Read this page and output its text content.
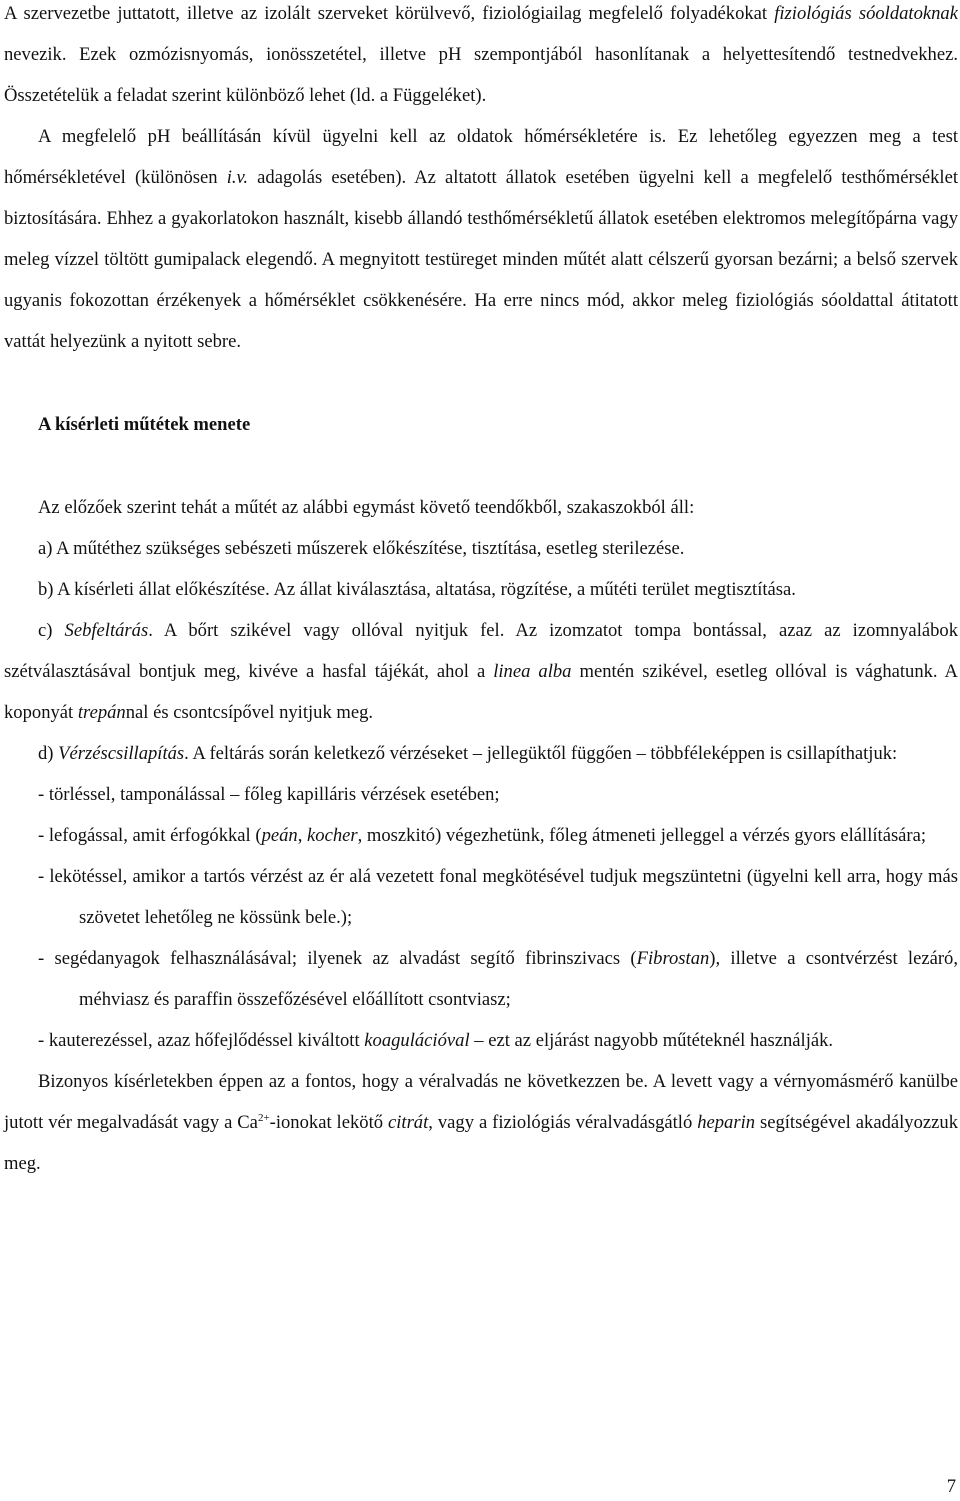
A szervezetbe juttatott, illetve az izolált szerveket körülvevő, fiziológiailag megfelelő folyadékokat fiziológiás sóoldatoknak nevezik. Ezek ozmózisnyomás, ionösszetétel, illetve pH szempontjából hasonlítanak a helyettesítendő testnedvekhez. Összetételük a feladat szerint különböző lehet (ld. a Függeléket).

A megfelelő pH beállításán kívül ügyelni kell az oldatok hőmérsékletére is. Ez lehetőleg egyezzen meg a test hőmérsékletével (különösen i.v. adagolás esetében). Az altatott állatok esetében ügyelni kell a megfelelő testhőmérséklet biztosítására. Ehhez a gyakorlatokon használt, kisebb állandó testhőmérsékletű állatok esetében elektromos melegítőpárna vagy meleg vízzel töltött gumipalack elegendő. A megnyitott testüreget minden műtét alatt célszerű gyorsan bezárni; a belső szervek ugyanis fokozottan érzékenyek a hőmérséklet csökkenésére. Ha erre nincs mód, akkor meleg fiziológiás sóoldattal átitatott vattát helyezünk a nyitott sebre.

A kísérleti műtétek menete

Az előzőek szerint tehát a műtét az alábbi egymást követő teendőkből, szakaszokból áll:

a) A műtéthez szükséges sebészeti műszerek előkészítése, tisztítása, esetleg sterilezése.

b) A kísérleti állat előkészítése. Az állat kiválasztása, altatása, rögzítése, a műtéti terület megtisztítása.

c) Sebfeltárás. A bőrt szikével vagy ollóval nyitjuk fel. Az izomzatot tompa bontással, azaz az izomnyalábok szétválasztásával bontjuk meg, kivéve a hasfal tájékát, ahol a linea alba mentén szikével, esetleg ollóval is vághatunk. A koponyát trepánnal és csontcsípővel nyitjuk meg.

d) Vérzéscsillapítás. A feltárás során keletkező vérzéseket – jellegüktől függően – többféleképpen is csillapíthatjuk:

- törléssel, tamponálással – főleg kapilláris vérzések esetében;

- lefogással, amit érfogókkal (peán, kocher, moszkitó) végezhetünk, főleg átmeneti jelleggel a vérzés gyors elállítására;

- lekötéssel, amikor a tartós vérzést az ér alá vezetett fonal megkötésével tudjuk megszüntetni (ügyelni kell arra, hogy más szövetet lehetőleg ne kössünk bele.);

- segédanyagok felhasználásával; ilyenek az alvadást segítő fibrinszivacs (Fibrostan), illetve a csontvérzést lezáró, méhviasz és paraffin összefőzésével előállított csontviasz;

- kauterezéssel, azaz hőfejlődéssel kiváltott koagulációval – ezt az eljárást nagyobb műtéteknél használják.

Bizonyos kísérletekben éppen az a fontos, hogy a véralvadás ne következzen be. A levett vagy a vérnyomásmérő kanülbe jutott vér megalvadását vagy a $Ca^{2+}$-ionokat lekötő citrát, vagy a fiziológiás véralvadásgátló heparin segítségével akadályozzuk meg.

7
